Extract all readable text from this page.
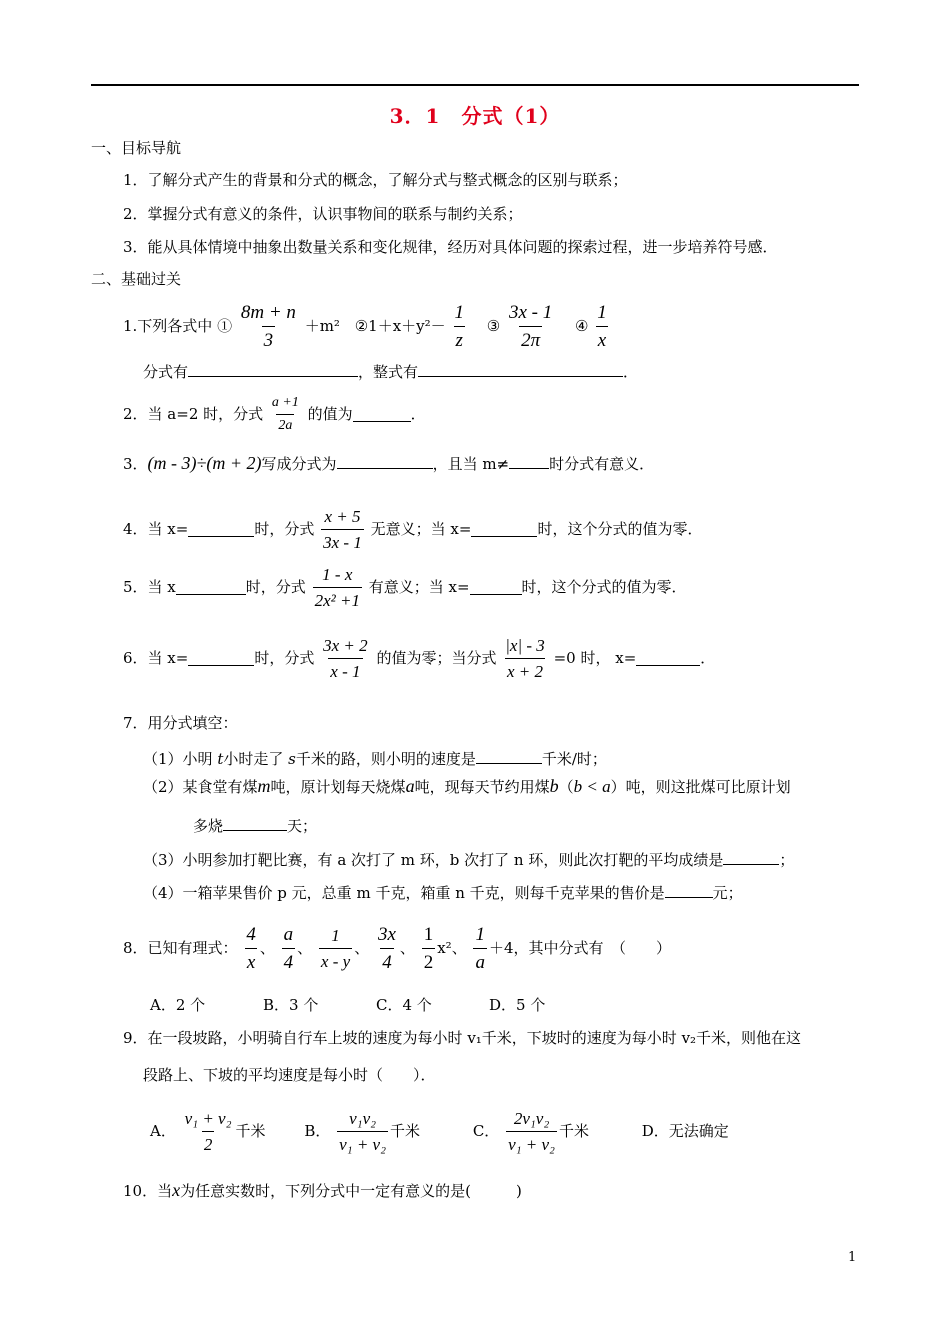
3．1　分式（1）
一、目标导航
1．了解分式产生的背景和分式的概念，了解分式与整式概念的区别与联系；
2．掌握分式有意义的条件，认识事物间的联系与制约关系；
3．能从具体情境中抽象出数量关系和变化规律，经历对具体问题的探索过程，进一步培养符号感．
二、基础过关
1.下列各式中 ① $\frac{8m + n}{3} +m^2$ ②1＋x＋y²－ $\frac{1}{z}$ ③ $\frac{3x - 1}{2\pi}$ ④ $\frac{1}{x}$
分式有	，整式有	．
2．当 a=2 时，分式 $\frac{a +1}{2a}$ 的值为	．
3．(m - 3)÷(m + 2)写成分式为	，且当 m≠	时分式有意义．
4．当 x=	时，分式 $\frac{x + 5}{3x - 1}$ 无意义；当 x=	时，这个分式的值为零．
5．当 x	时，分式 $\frac{1 - x}{\text{2x² +1}}$ 有意义；当 x=	时，这个分式的值为零．
6．当 x=	时，分式 $\frac{3x + 2}{x - 1}$ 的值为零；当分式 $\frac{|x| - 3}{x + 2} =0$ 时， x=	．
7．用分式填空：
（1）小明 t小时走了 s千米的路，则小明的速度是	千米/时；
（2）某食堂有煤m吨，原计划每天烧煤a吨，现每天节约用煤b（b < a）吨，则这批煤可比原计划
多烧	天；
（3）小明参加打靶比赛，有 a 次打了 m 环，b 次打了 n 环，则此次打靶的平均成绩是	；
（4）一箱苹果售价 p 元，总重 m 千克，箱重 n 千克，则每千克苹果的售价是	元；
8．已知有理式： $\frac{4}{x}$ 、 $\frac{a}{4}$ 、 $\frac{1}{x - y}$ 、 $\frac{3x}{4}$ 、 $\frac{1}{2} x^2$、 $\frac{1}{a} +4$，其中分式有　（　　）
A．2 个	B．3 个	C．4 个	D．5 个
9．在一段坡路，小明骑自行车上坡的速度为每小时 v₁千米，下坡时的速度为每小时 v₂千米，则他在这
段路上、下坡的平均速度是每小时（　　）．
A． $\frac{\text{v₁ + v₂}}{2}$ 千米	B． $\frac{\text{v₁v₂}}{\text{v₁ + v₂}}$ 千米	C． $\frac{\text{2v₁v₂}}{\text{v₁ + v₂}}$ 千米	D．无法确定
10．当x为任意实数时，下列分式中一定有意义的是(　　　)
1
